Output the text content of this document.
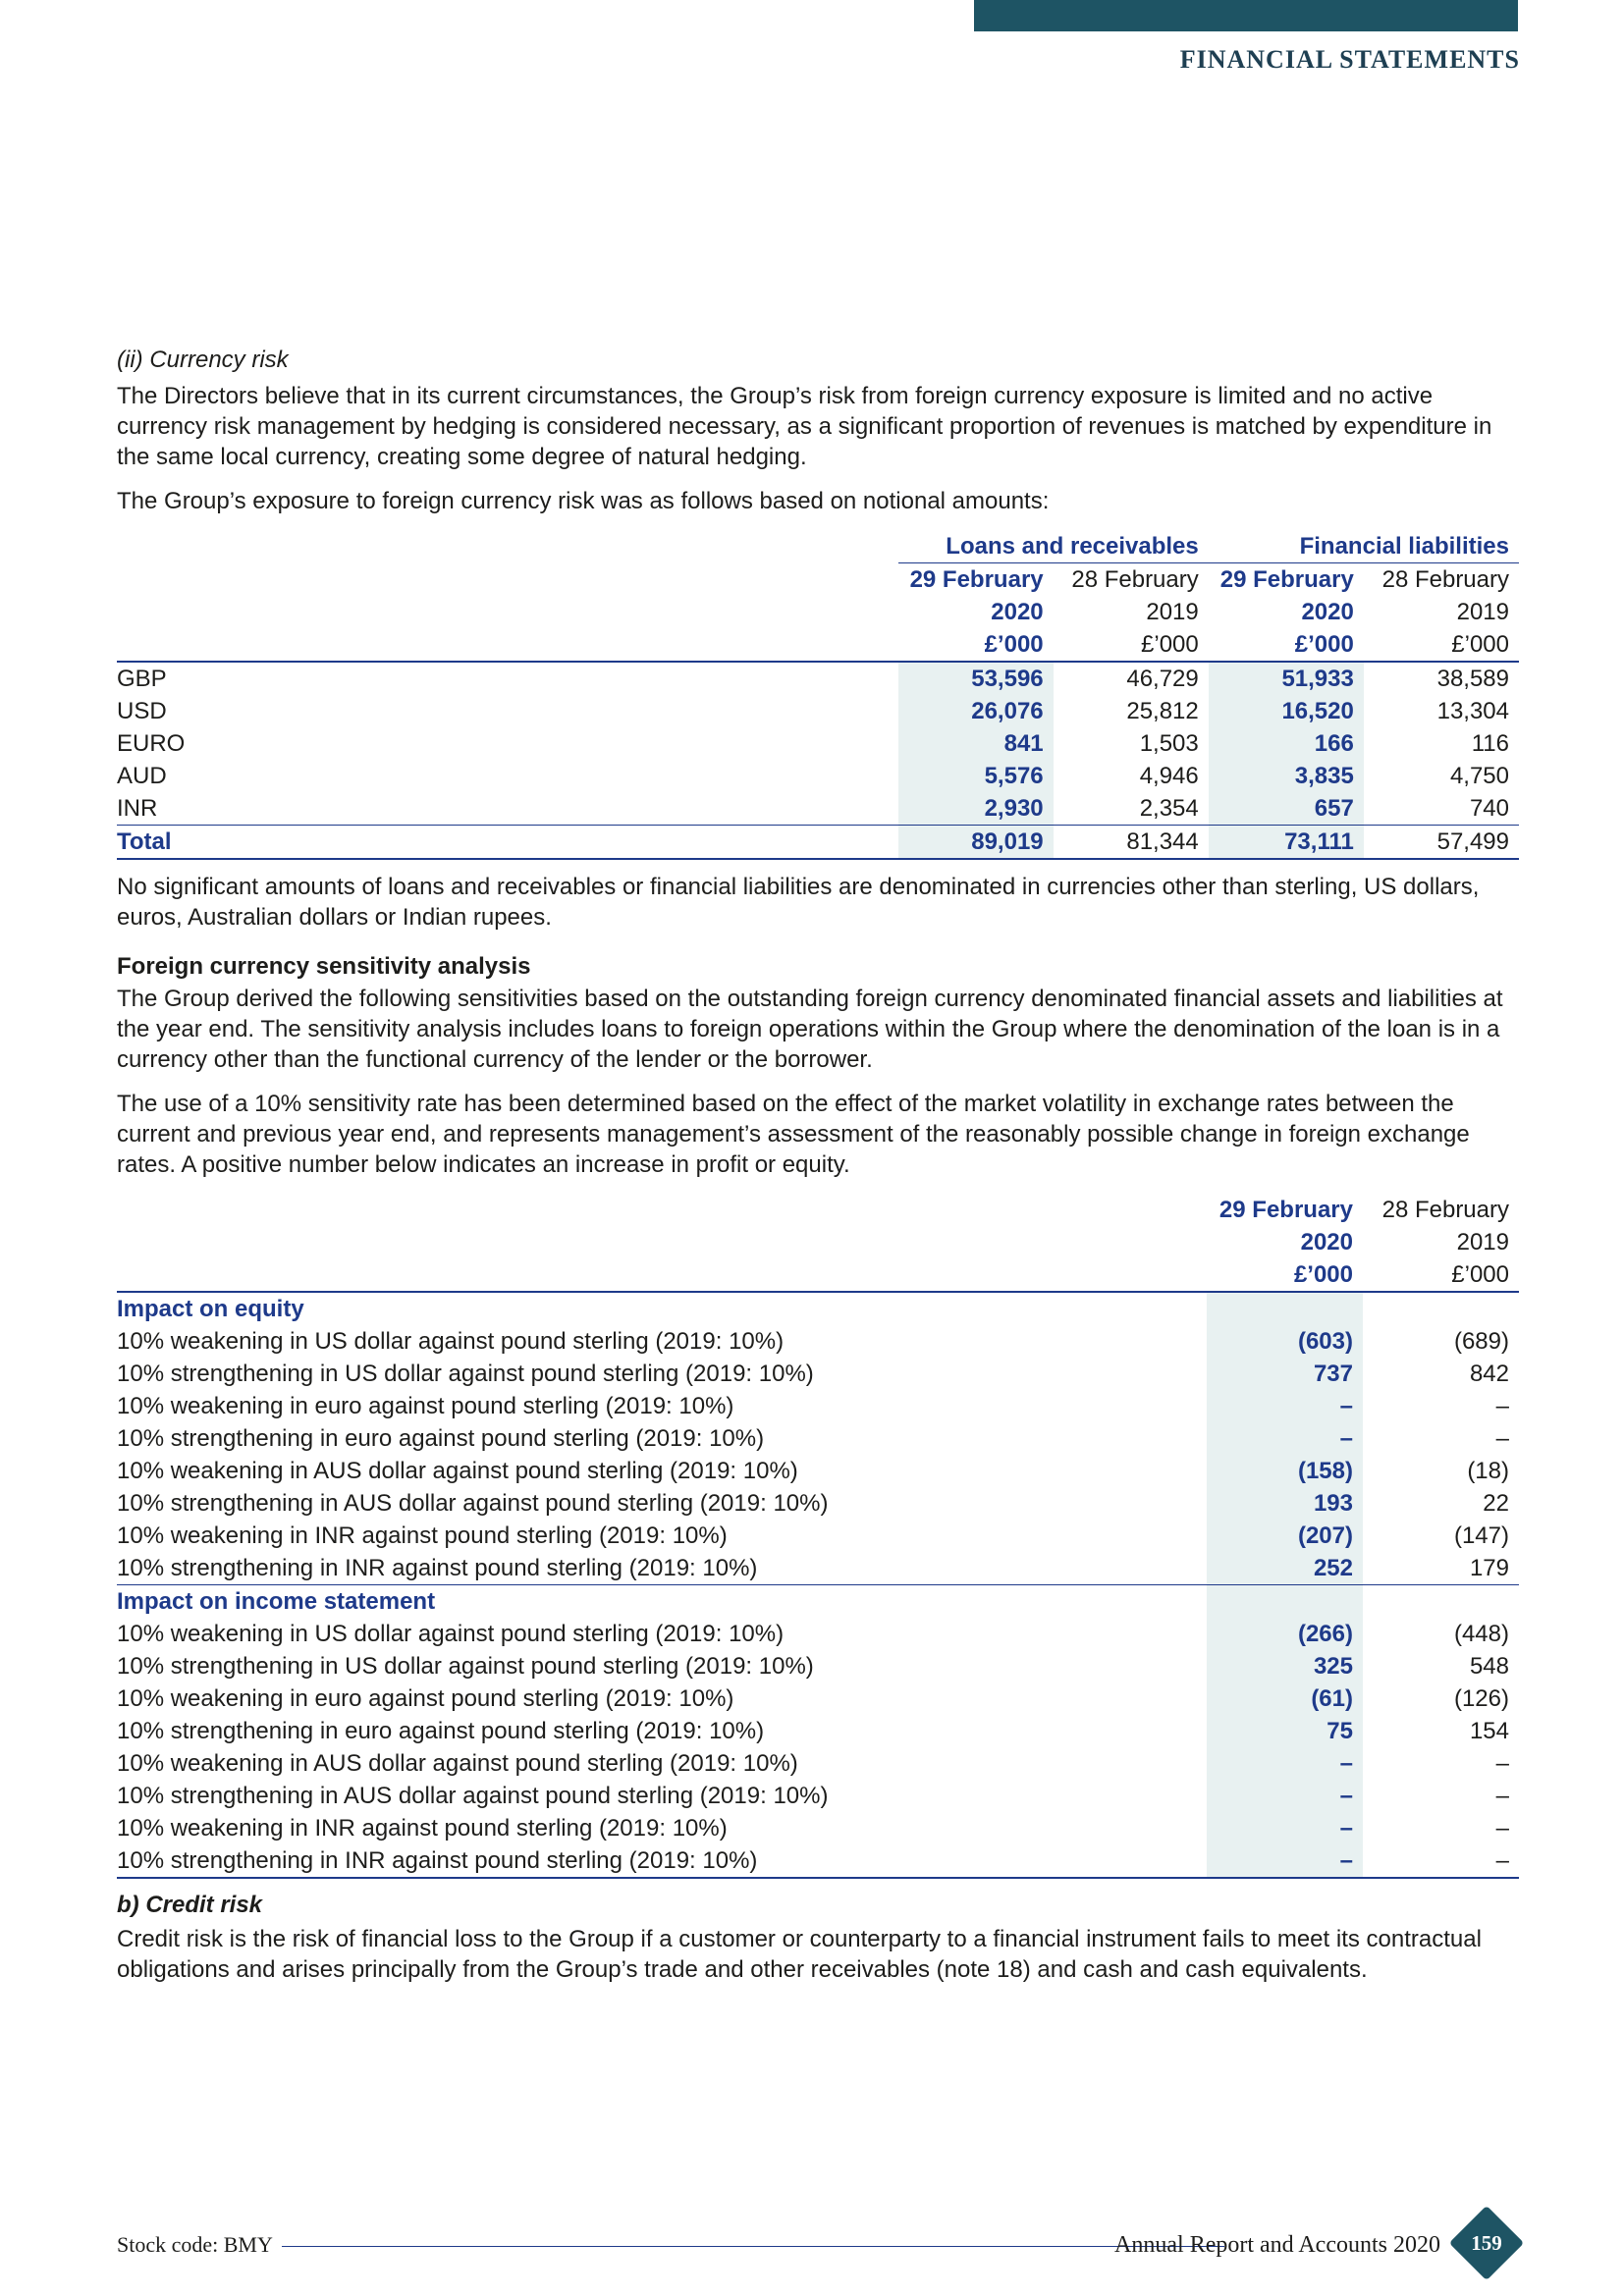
FINANCIAL STATEMENTS
(ii) Currency risk

The Directors believe that in its current circumstances, the Group’s risk from foreign currency exposure is limited and no active currency risk management by hedging is considered necessary, as a significant proportion of revenues is matched by expenditure in the same local currency, creating some degree of natural hedging.

The Group’s exposure to foreign currency risk was as follows based on notional amounts:

	Loans and receivables		Financial liabilities	
	29 February
2020
£’000	28 February
2019
£’000	29 February
2020
£’000	28 February
2019
£’000
GBP	53,596	46,729	51,933	38,589
USD	26,076	25,812	16,520	13,304
EURO	841	1,503	166	116
AUD	5,576	4,946	3,835	4,750
INR	2,930	2,354	657	740
Total	89,019	81,344	73,111	57,499

No significant amounts of loans and receivables or financial liabilities are denominated in currencies other than sterling, US dollars, euros, Australian dollars or Indian rupees.

Foreign currency sensitivity analysis

The Group derived the following sensitivities based on the outstanding foreign currency denominated financial assets and liabilities at the year end. The sensitivity analysis includes loans to foreign operations within the Group where the denomination of the loan is in a currency other than the functional currency of the lender or the borrower.

The use of a 10% sensitivity rate has been determined based on the effect of the market volatility in exchange rates between the current and previous year end, and represents management’s assessment of the reasonably possible change in foreign exchange rates. A positive number below indicates an increase in profit or equity.

	29 February
2020
£’000	28 February
2019
£’000
Impact on equity		
10% weakening in US dollar against pound sterling (2019: 10%)	(603)	(689)
10% strengthening in US dollar against pound sterling (2019: 10%)	737	842
10% weakening in euro against pound sterling (2019: 10%)	–	–
10% strengthening in euro against pound sterling (2019: 10%)	–	–
10% weakening in AUS dollar against pound sterling (2019: 10%)	(158)	(18)
10% strengthening in AUS dollar against pound sterling (2019: 10%)	193	22
10% weakening in INR against pound sterling (2019: 10%)	(207)	(147)
10% strengthening in INR against pound sterling (2019: 10%)	252	179
Impact on income statement		
10% weakening in US dollar against pound sterling (2019: 10%)	(266)	(448)
10% strengthening in US dollar against pound sterling (2019: 10%)	325	548
10% weakening in euro against pound sterling (2019: 10%)	(61)	(126)
10% strengthening in euro against pound sterling (2019: 10%)	75	154
10% weakening in AUS dollar against pound sterling (2019: 10%)	–	–
10% strengthening in AUS dollar against pound sterling (2019: 10%)	–	–
10% weakening in INR against pound sterling (2019: 10%)	–	–
10% strengthening in INR against pound sterling (2019: 10%)	–	–
b) Credit risk

Credit risk is the risk of financial loss to the Group if a customer or counterparty to a financial instrument fails to meet its contractual obligations and arises principally from the Group’s trade and other receivables (note 18) and cash and cash equivalents.

Stock code: BMY	Annual Report and Accounts 2020	159
